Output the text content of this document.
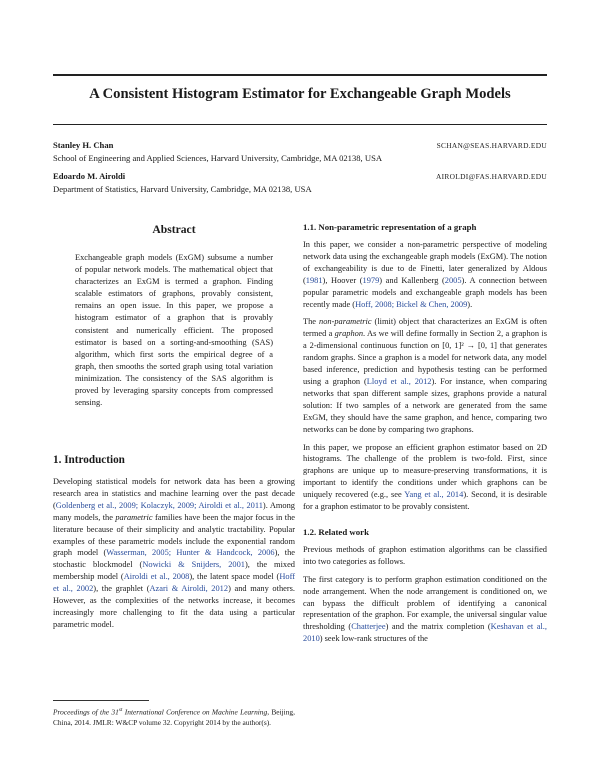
A Consistent Histogram Estimator for Exchangeable Graph Models
Stanley H. Chan	SCHAN@SEAS.HARVARD.EDU
School of Engineering and Applied Sciences, Harvard University, Cambridge, MA 02138, USA
Edoardo M. Airoldi	AIROLDI@FAS.HARVARD.EDU
Department of Statistics, Harvard University, Cambridge, MA 02138, USA
Abstract
Exchangeable graph models (ExGM) subsume a number of popular network models. The mathematical object that characterizes an ExGM is termed a graphon. Finding scalable estimators of graphons, provably consistent, remains an open issue. In this paper, we propose a histogram estimator of a graphon that is provably consistent and numerically efficient. The proposed estimator is based on a sorting-and-smoothing (SAS) algorithm, which first sorts the empirical degree of a graph, then smooths the sorted graph using total variation minimization. The consistency of the SAS algorithm is proved by leveraging sparsity concepts from compressed sensing.
1. Introduction

Developing statistical models for network data has been a growing research area in statistics and machine learning over the past decade (Goldenberg et al., 2009; Kolaczyk, 2009; Airoldi et al., 2011). Among many models, the parametric families have been the major focus in the literature because of their simplicity and analytic tractability. Popular examples of these parametric models include the exponential random graph model (Wasserman, 2005; Hunter & Handcock, 2006), the stochastic blockmodel (Nowicki & Snijders, 2001), the mixed membership model (Airoldi et al., 2008), the latent space model (Hoff et al., 2002), the graphlet (Azari & Airoldi, 2012) and many others. However, as the complexities of the networks increase, it becomes increasingly more challenging to fit the data using a particular parametric model.

Proceedings of the 31st International Conference on Machine Learning, Beijing, China, 2014. JMLR: W&CP volume 32. Copyright 2014 by the author(s).
1.1. Non-parametric representation of a graph

In this paper, we consider a non-parametric perspective of modeling network data using the exchangeable graph models (ExGM). The notion of exchangeability is due to de Finetti, later generalized by Aldous (1981), Hoover (1979) and Kallenberg (2005). A connection between popular parametric models and exchangeable graph models has been recently made (Hoff, 2008; Bickel & Chen, 2009).

The non-parametric (limit) object that characterizes an ExGM is often termed a graphon. As we will define formally in Section 2, a graphon is a 2-dimensional continuous function on [0, 1]² → [0, 1] that generates random graphs. Since a graphon is a model for network data, any model based inference, prediction and hypothesis testing can be performed using a graphon (Lloyd et al., 2012). For instance, when comparing networks that span different sample sizes, graphons provide a natural solution: If two samples of a network are generated from the same ExGM, they should have the same graphon, and hence, comparing two networks can be done by comparing two graphons.

In this paper, we propose an efficient graphon estimator based on 2D histograms. The challenge of the problem is two-fold. First, since graphons are unique up to measure-preserving transformations, it is important to identify the conditions under which graphons can be uniquely recovered (e.g., see Yang et al., 2014). Second, it is desirable for a graphon estimator to be provably consistent.

1.2. Related work

Previous methods of graphon estimation algorithms can be classified into two categories as follows.

The first category is to perform graphon estimation conditioned on the node arrangement. When the node arrangement is conditioned on, we can bypass the difficult problem of identifying a canonical representation of the graphon. For example, the universal singular value thresholding (Chatterjee) and the matrix completion (Keshavan et al., 2010) seek low-rank structures of the
